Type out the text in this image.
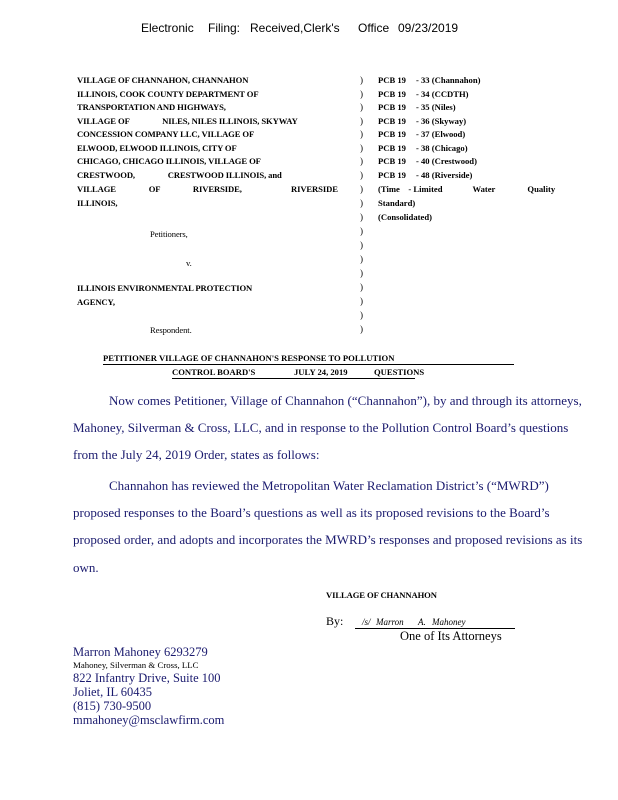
Electronic Filing: Received,Clerk's Office 09/23/2019
VILLAGE OF CHANNAHON, CHANNAHON
ILLINOIS, COOK COUNTY DEPARTMENT OF
TRANSPORTATION AND HIGHWAYS,
VILLAGE OF                NILES, NILES ILLINOIS, SKYWAY
CONCESSION COMPANY LLC, VILLAGE OF
ELWOOD, ELWOOD ILLINOIS, CITY OF
CHICAGO, CHICAGO ILLINOIS, VILLAGE OF
CRESTWOOD,                CRESTWOOD ILLINOIS, and
VILLAGE                OF                RIVERSIDE,                        RIVERSIDE
ILLINOIS,
Petitioners,
v.
ILLINOIS ENVIRONMENTAL PROTECTION
AGENCY,
Respondent.
)
)
)
)
)
)
)
)
)
)
)
)
)
)
)
)
)
)
)
PCB 19 - 33 (Channahon)
PCB 19 - 34 (CCDTH)
PCB 19 - 35 (Niles)
PCB 19 - 36 (Skyway)
PCB 19 - 37 (Elwood)
PCB 19 - 38 (Chicago)
PCB 19 - 40 (Crestwood)
PCB 19 - 48 (Riverside)
(Time    - Limited              Water               Quality
Standard)
(Consolidated)
PETITIONER VILLAGE OF CHANNAHON'S RESPONSE TO POLLUTION
CONTROL BOARD'S	JULY 24, 2019	QUESTIONS
Now comes Petitioner, Village of Channahon (“Channahon”), by and through its attorneys,
Mahoney, Silverman & Cross, LLC, and in response to the Pollution Control Board’s questions
from the July 24, 2019 Order, states as follows:
Channahon has reviewed the Metropolitan Water Reclamation District’s (“MWRD”)
proposed responses to the Board’s questions as well as its proposed revisions to the Board’s
proposed order, and adopts and incorporates the MWRD’s responses and proposed revisions as its
own.
VILLAGE OF CHANNAHON
By: /s/ Marron A. Mahoney
One of Its Attorneys
Marron Mahoney 6293279
Mahoney, Silverman & Cross, LLC
822 Infantry Drive, Suite 100
Joliet, IL 60435
(815) 730-9500
mmahoney@msclawfirm.com
